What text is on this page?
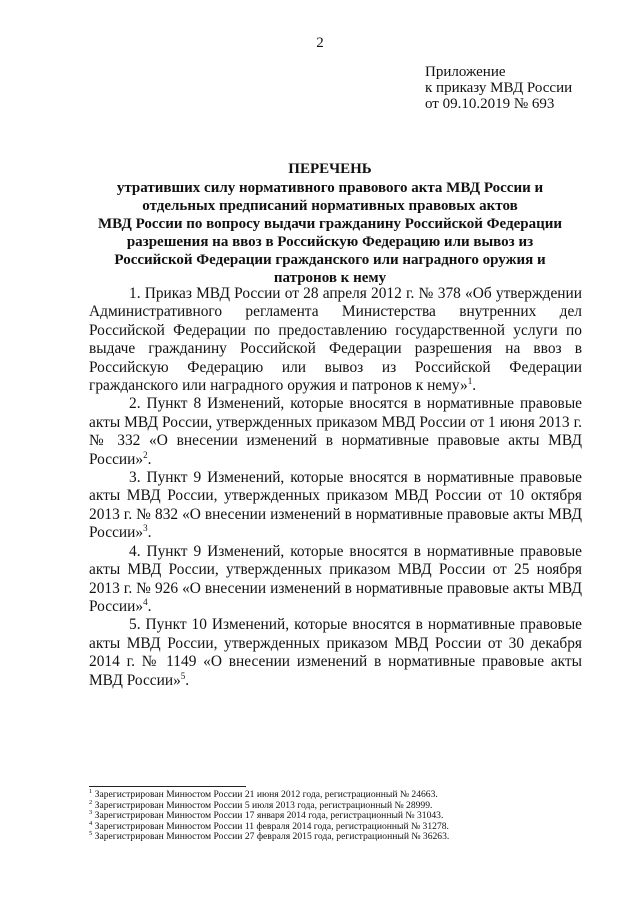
2
Приложение
к приказу МВД России
от 09.10.2019 № 693
ПЕРЕЧЕНЬ
утративших силу нормативного правового акта МВД России и
отдельных предписаний нормативных правовых актов
МВД России по вопросу выдачи гражданину Российской Федерации
разрешения на ввоз в Российскую Федерацию или вывоз из
Российской Федерации гражданского или наградного оружия и
патронов к нему

1. Приказ МВД России от 28 апреля 2012 г. № 378 «Об утверждении Административного регламента Министерства внутренних дел Российской Федерации по предоставлению государственной услуги по выдаче гражданину Российской Федерации разрешения на ввоз в Российскую Федерацию или вывоз из Российской Федерации гражданского или наградного оружия и патронов к нему»$^1$.

2. Пункт 8 Изменений, которые вносятся в нормативные правовые акты МВД России, утвержденных приказом МВД России от 1 июня 2013 г. № 332 «О внесении изменений в нормативные правовые акты МВД России»$^2$.

3. Пункт 9 Изменений, которые вносятся в нормативные правовые акты МВД России, утвержденных приказом МВД России от 10 октября 2013 г. № 832 «О внесении изменений в нормативные правовые акты МВД России»$^3$.

4. Пункт 9 Изменений, которые вносятся в нормативные правовые акты МВД России, утвержденных приказом МВД России от 25 ноября 2013 г. № 926 «О внесении изменений в нормативные правовые акты МВД России»$^4$.

5. Пункт 10 Изменений, которые вносятся в нормативные правовые акты МВД России, утвержденных приказом МВД России от 30 декабря 2014 г. № 1149 «О внесении изменений в нормативные правовые акты МВД России»$^5$.

$^1$ Зарегистрирован Минюстом России 21 июня 2012 года, регистрационный № 24663.
$^2$ Зарегистрирован Минюстом России 5 июля 2013 года, регистрационный № 28999.
$^3$ Зарегистрирован Минюстом России 17 января 2014 года, регистрационный № 31043.
$^4$ Зарегистрирован Минюстом России 11 февраля 2014 года, регистрационный № 31278.
$^5$ Зарегистрирован Минюстом России 27 февраля 2015 года, регистрационный № 36263.
